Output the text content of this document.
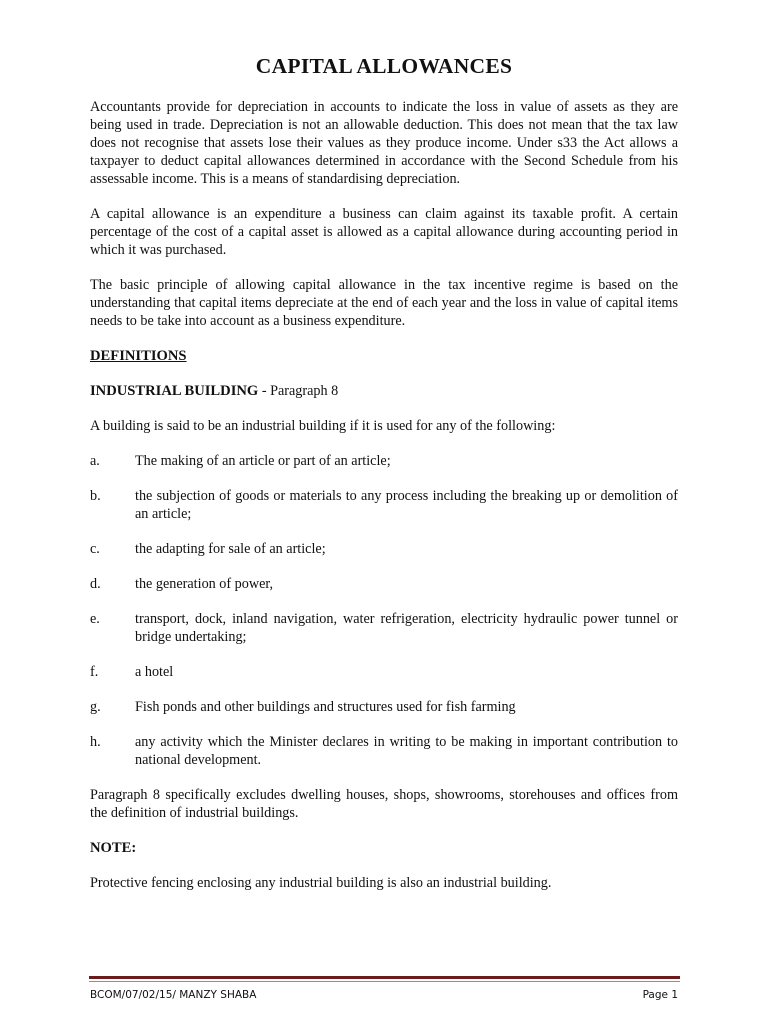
CAPITAL ALLOWANCES

Accountants provide for depreciation in accounts to indicate the loss in value of assets as they are being used in trade. Depreciation is not an allowable deduction. This does not mean that the tax law does not recognise that assets lose their values as they produce income. Under s33 the Act allows a taxpayer to deduct capital allowances determined in accordance with the Second Schedule from his assessable income. This is a means of standardising depreciation.

A capital allowance is an expenditure a business can claim against its taxable profit. A certain percentage of the cost of a capital asset is allowed as a capital allowance during accounting period in which it was purchased.

The basic principle of allowing capital allowance in the tax incentive regime is based on the understanding that capital items depreciate at the end of each year and the loss in value of capital items needs to be take into account as a business expenditure.

DEFINITIONS

INDUSTRIAL BUILDING - Paragraph 8

A building is said to be an industrial building if it is used for any of the following:

a.	The making of an article or part of an article;
b.	the subjection of goods or materials to any process including the breaking up or demolition of an article;
c.	the adapting for sale of an article;
d.	the generation of power,
e.	transport, dock, inland navigation, water refrigeration, electricity hydraulic power tunnel or bridge undertaking;
f.	a hotel
g.	Fish ponds and other buildings and structures used for fish farming
h.	any activity which the Minister declares in writing to be making in important contribution to national development.

Paragraph 8 specifically excludes dwelling houses, shops, showrooms, storehouses and offices from the definition of industrial buildings.

NOTE:

Protective fencing enclosing any industrial building is also an industrial building.

BCOM/07/02/15/ MANZY SHABA	Page 1
